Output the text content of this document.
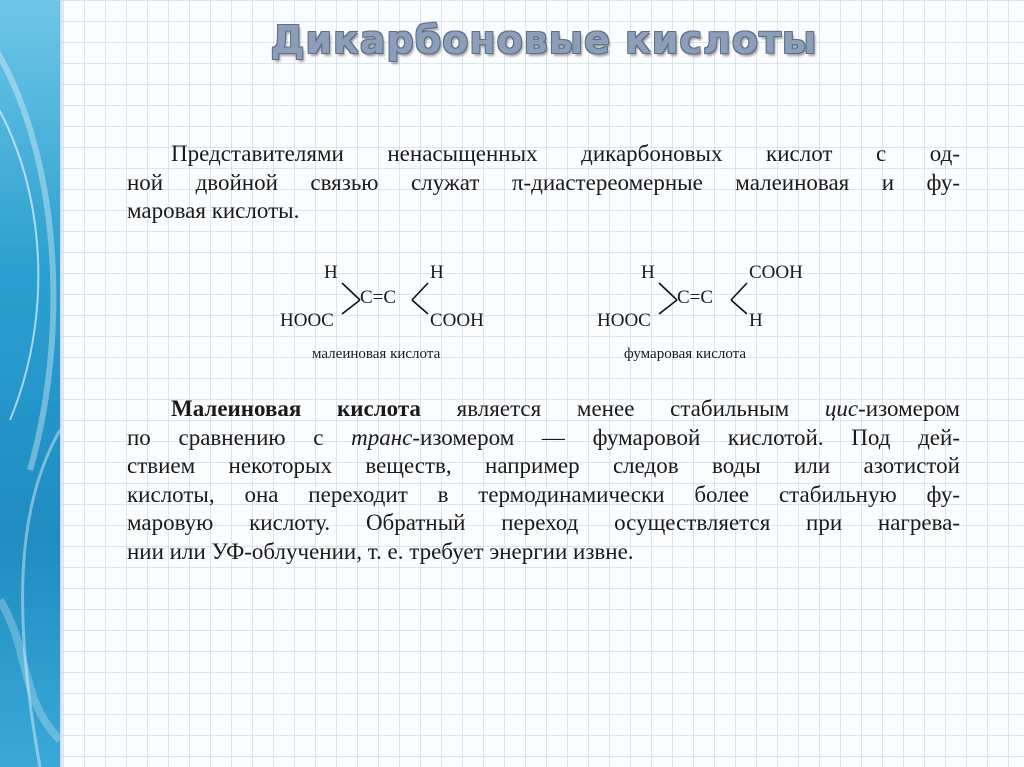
Дикарбоновые кислоты
Представителями ненасыщенных дикарбоновых кислот с од-
ной двойной связью служат π-диастереомерные малеиновая и фу-
маровая кислоты.
H	H
C=C
HOOC	COOH
малеиновая кислота
H	COOH
C=C
HOOC	H
фумаровая кислота
Малеиновая кислота является менее стабильным цис-изомером
по сравнению с транс-изомером — фумаровой кислотой. Под дей-
ствием некоторых веществ, например следов воды или азотистой
кислоты, она переходит в термодинамически более стабильную фу-
маровую кислоту. Обратный переход осуществляется при нагрева-
нии или УФ-облучении, т. е. требует энергии извне.
